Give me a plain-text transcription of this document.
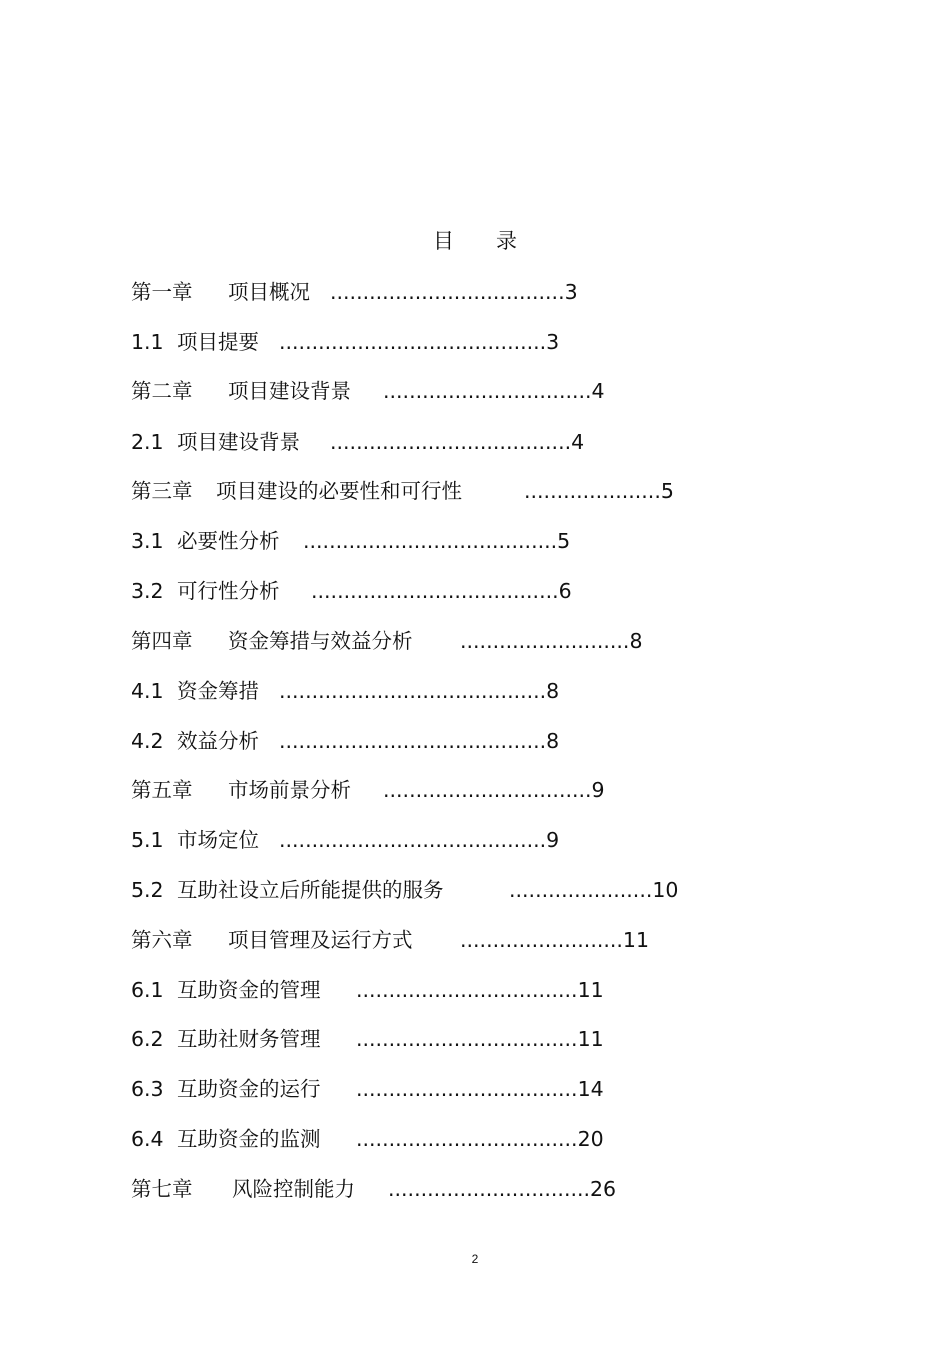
目 录
第一章 项目概况 ....................................3
1.1 项目提要 .........................................3
第二章 项目建设背景 ................................4
2.1 项目建设背景 .....................................4
第三章 项目建设的必要性和可行性	.....................5
3.1 必要性分析 .......................................5
3.2 可行性分析 ......................................6
第四章 资金筹措与效益分析 ..........................8
4.1 资金筹措 .........................................8
4.2 效益分析 .........................................8
第五章 市场前景分析 ................................9
5.1 市场定位 .........................................9
5.2 互助社设立后所能提供的服务	......................10
第六章 项目管理及运行方式 .........................11
6.1 互助资金的管理 ..................................11
6.2 互助社财务管理 ..................................11
6.3 互助资金的运行 ..................................14
6.4 互助资金的监测 ..................................20
第七章 风险控制能力 ...............................26
2
